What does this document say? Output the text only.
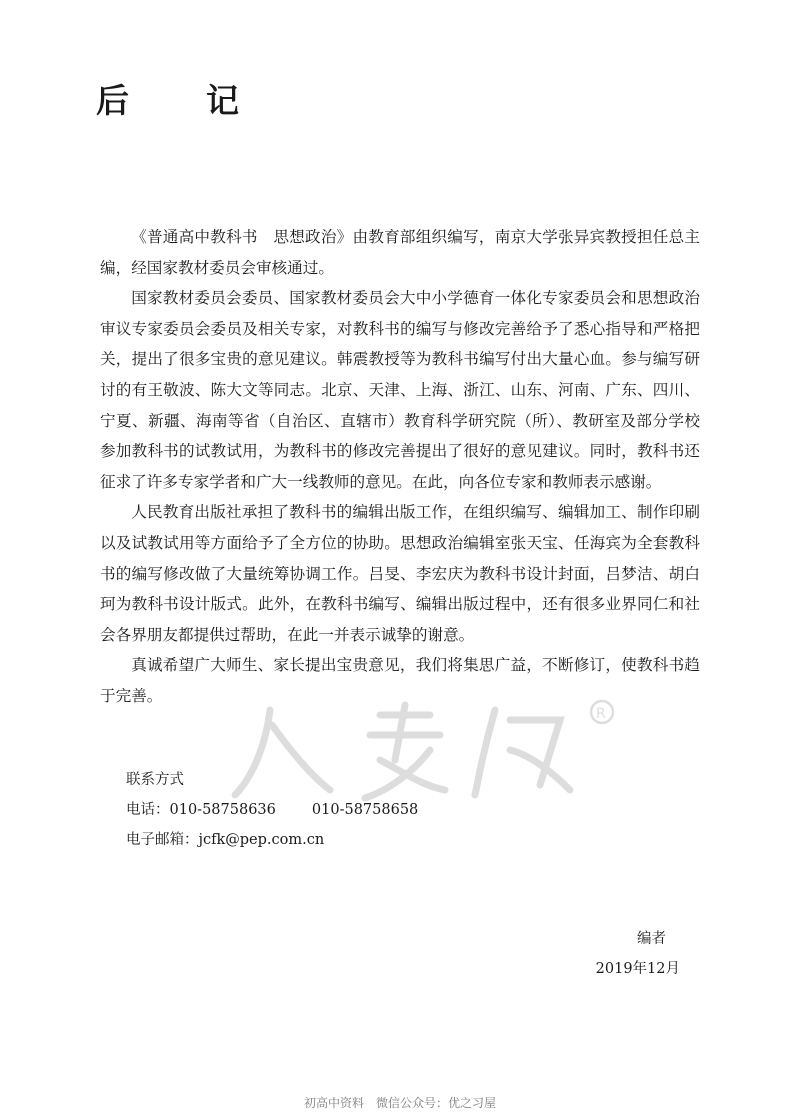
后　记

《普通高中教科书　思想政治》由教育部组织编写，南京大学张异宾教授担任总主编，经国家教材委员会审核通过。

国家教材委员会委员、国家教材委员会大中小学德育一体化专家委员会和思想政治审议专家委员会委员及相关专家，对教科书的编写与修改完善给予了悉心指导和严格把关，提出了很多宝贵的意见建议。韩震教授等为教科书编写付出大量心血。参与编写研讨的有王敬波、陈大文等同志。北京、天津、上海、浙江、山东、河南、广东、四川、宁夏、新疆、海南等省（自治区、直辖市）教育科学研究院（所）、教研室及部分学校参加教科书的试教试用，为教科书的修改完善提出了很好的意见建议。同时，教科书还征求了许多专家学者和广大一线教师的意见。在此，向各位专家和教师表示感谢。

人民教育出版社承担了教科书的编辑出版工作，在组织编写、编辑加工、制作印刷以及试教试用等方面给予了全方位的协助。思想政治编辑室张天宝、任海宾为全套教科书的编写修改做了大量统筹协调工作。吕旻、李宏庆为教科书设计封面，吕梦洁、胡白珂为教科书设计版式。此外，在教科书编写、编辑出版过程中，还有很多业界同仁和社会各界朋友都提供过帮助，在此一并表示诚挚的谢意。

真诚希望广大师生、家长提出宝贵意见，我们将集思广益，不断修订，使教科书趋于完善。

R
联系方式
电话：010-58758636 010-58758658
电子邮箱：jcfk@pep.com.cn
编者
2019年12月
初高中资料　微信公众号：优之习屋
